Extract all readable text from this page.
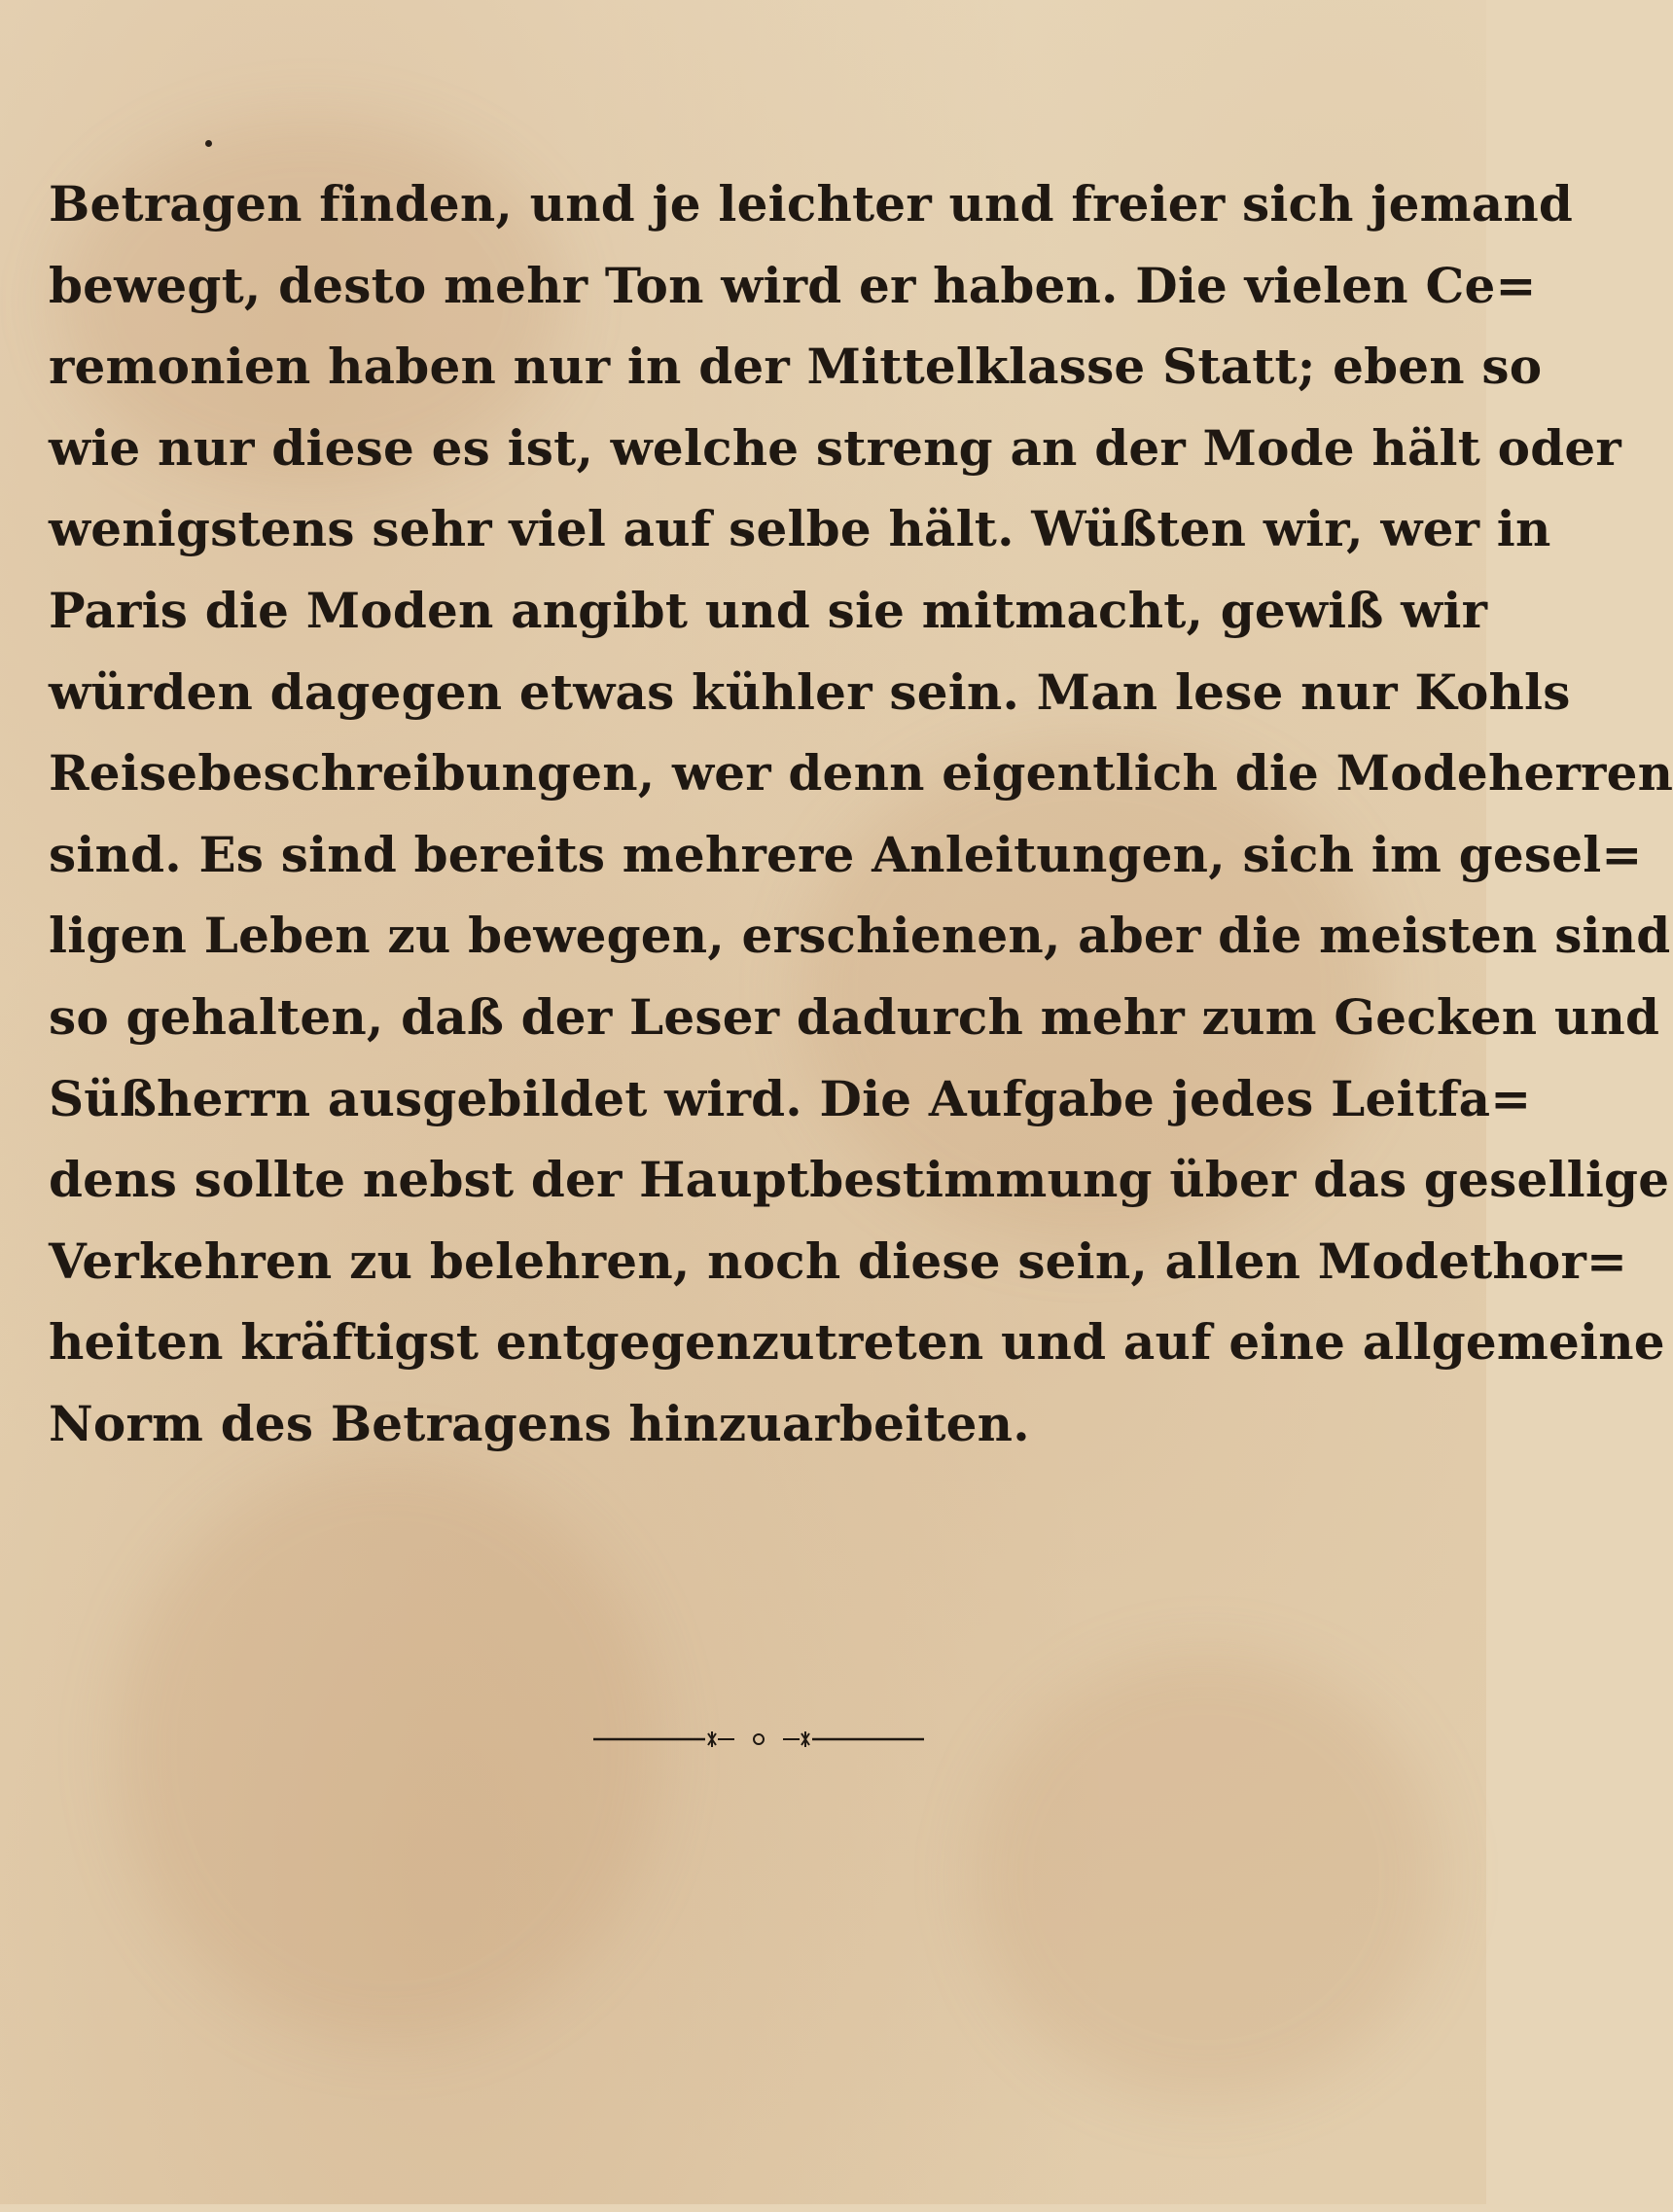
Betragen finden, und je leichter und freier sich jemand
bewegt, desto mehr Ton wird er haben. Die vielen Ce=
remonien haben nur in der Mittelklasse Statt; eben so
wie nur diese es ist, welche streng an der Mode hält oder
wenigstens sehr viel auf selbe hält. Wüßten wir, wer in
Paris die Moden angibt und sie mitmacht, gewiß wir
würden dagegen etwas kühler sein. Man lese nur Kohls
Reisebeschreibungen, wer denn eigentlich die Modeherren
sind. Es sind bereits mehrere Anleitungen, sich im gesel=
ligen Leben zu bewegen, erschienen, aber die meisten sind
so gehalten, daß der Leser dadurch mehr zum Gecken und
Süßherrn ausgebildet wird. Die Aufgabe jedes Leitfa=
dens sollte nebst der Hauptbestimmung über das gesellige
Verkehren zu belehren, noch diese sein, allen Modethor=
heiten kräftigst entgegenzutreten und auf eine allgemeine
Norm des Betragens hinzuarbeiten.
